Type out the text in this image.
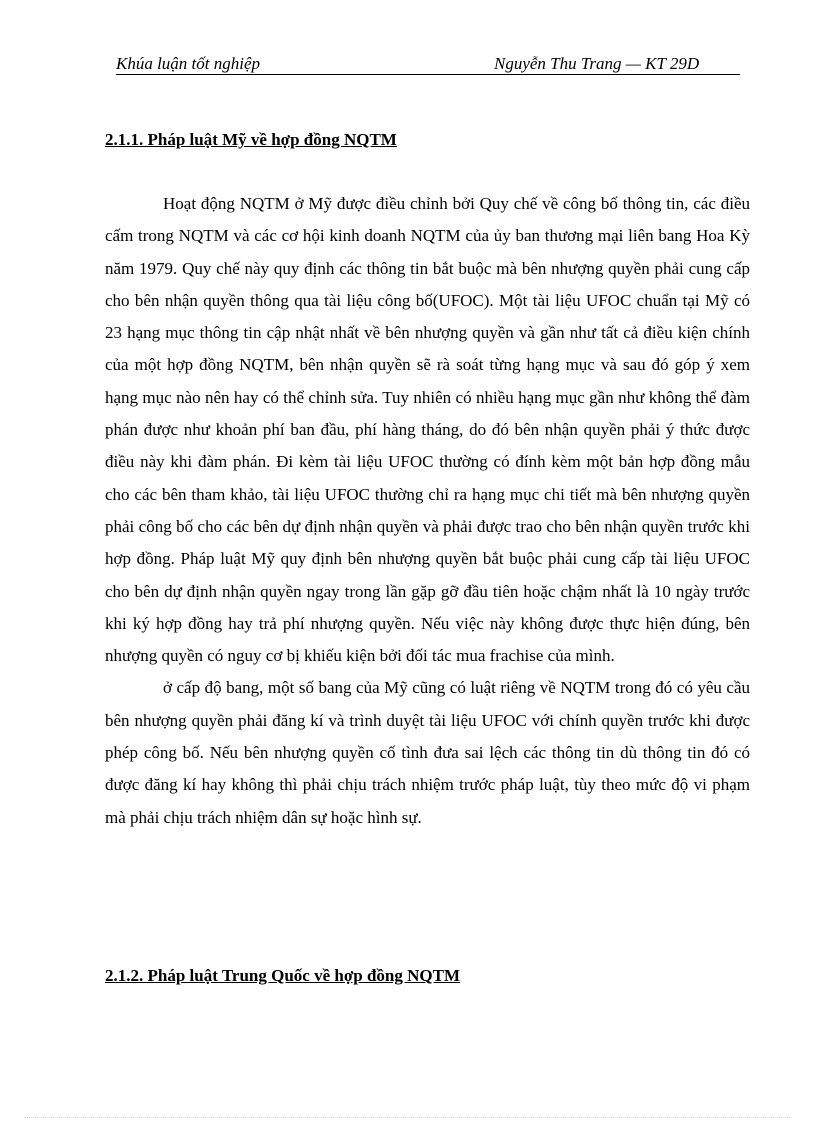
Khúa luận tốt nghiệp	Nguyễn Thu Trang — KT 29D
2.1.1. Pháp luật Mỹ về hợp đồng NQTM

Hoạt động NQTM ở Mỹ được điều chỉnh bởi Quy chế về công bố thông tin, các điều cấm trong NQTM và các cơ hội kinh doanh NQTM của ủy ban thương mại liên bang Hoa Kỳ năm 1979. Quy chế này quy định các thông tin bắt buộc mà bên nhượng quyền phải cung cấp cho bên nhận quyền thông qua tài liệu công bố(UFOC). Một tài liệu UFOC chuẩn tại Mỹ có 23 hạng mục thông tin cập nhật nhất về bên nhượng quyền và gần như tất cả điều kiện chính của một hợp đồng NQTM, bên nhận quyền sẽ rà soát từng hạng mục và sau đó góp ý xem hạng mục nào nên hay có thể chỉnh sửa. Tuy nhiên có nhiều hạng mục gần như không thể đàm phán được như khoản phí ban đầu, phí hàng tháng, do đó bên nhận quyền phải ý thức được điều này khi đàm phán. Đi kèm tài liệu UFOC thường có đính kèm một bản hợp đồng mẫu cho các bên tham khảo, tài liệu UFOC thường chỉ ra hạng mục chi tiết mà bên nhượng quyền phải công bố cho các bên dự định nhận quyền và phải được trao cho bên nhận quyền trước khi hợp đồng. Pháp luật Mỹ quy định bên nhượng quyền bắt buộc phải cung cấp tài liệu UFOC cho bên dự định nhận quyền ngay trong lần gặp gỡ đầu tiên hoặc chậm nhất là 10 ngày trước khi ký hợp đồng hay trả phí nhượng quyền. Nếu việc này không được thực hiện đúng, bên nhượng quyền có nguy cơ bị khiếu kiện bởi đối tác mua frachise của mình.

ở cấp độ bang, một số bang của Mỹ cũng có luật riêng về NQTM trong đó có yêu cầu bên nhượng quyền phải đăng kí và trình duyệt tài liệu UFOC với chính quyền trước khi được phép công bố. Nếu bên nhượng quyền cố tình đưa sai lệch các thông tin dù thông tin đó có được đăng kí hay không thì phải chịu trách nhiệm trước pháp luật, tùy theo mức độ vi phạm mà phải chịu trách nhiệm dân sự hoặc hình sự.

2.1.2. Pháp luật Trung Quốc về hợp đồng NQTM
